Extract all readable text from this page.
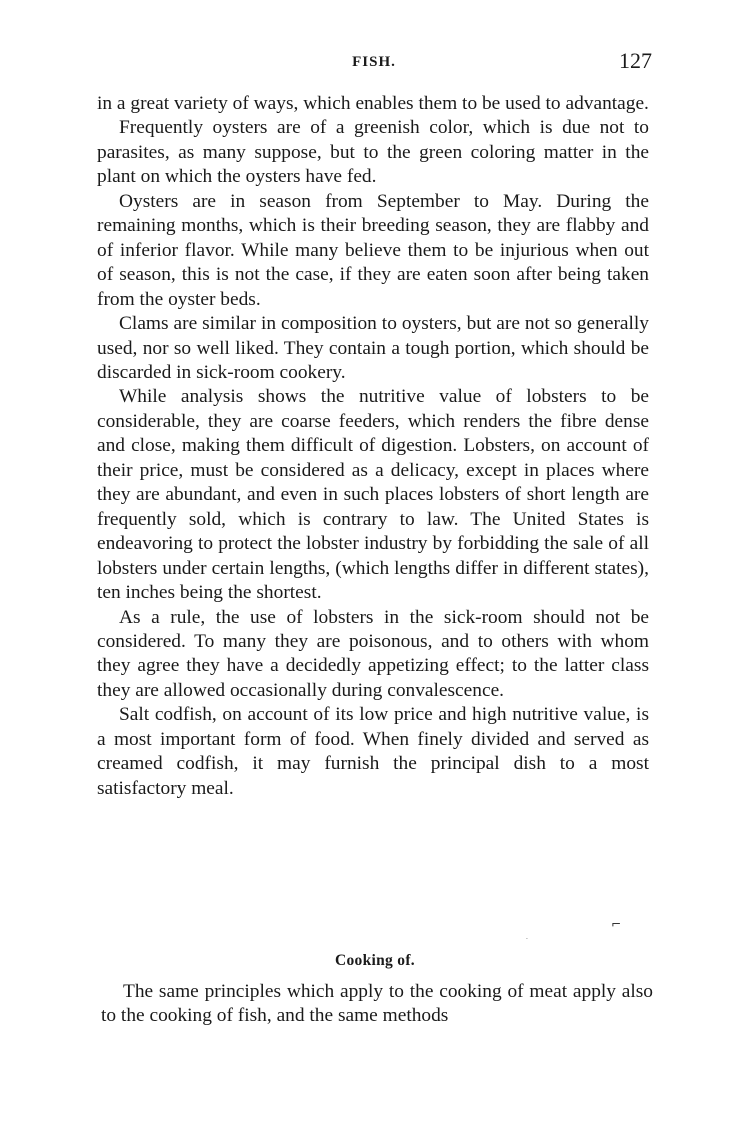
FISH.	127

in a great variety of ways, which enables them to be used to advantage.

Frequently oysters are of a greenish color, which is due not to parasites, as many suppose, but to the green coloring matter in the plant on which the oysters have fed.

Oysters are in season from September to May. During the remaining months, which is their breeding season, they are flabby and of inferior flavor. While many believe them to be injurious when out of season, this is not the case, if they are eaten soon after being taken from the oyster beds.

Clams are similar in composition to oysters, but are not so generally used, nor so well liked. They contain a tough portion, which should be discarded in sick-room cookery.

While analysis shows the nutritive value of lobsters to be considerable, they are coarse feeders, which renders the fibre dense and close, making them difficult of digestion. Lobsters, on account of their price, must be considered as a delicacy, except in places where they are abundant, and even in such places lobsters of short length are frequently sold, which is contrary to law. The United States is endeavoring to protect the lobster industry by forbidding the sale of all lobsters under certain lengths, (which lengths differ in different states), ten inches being the shortest.

As a rule, the use of lobsters in the sick-room should not be considered. To many they are poisonous, and to others with whom they agree they have a decidedly appetizing effect; to the latter class they are allowed occasionally during convalescence.

Salt codfish, on account of its low price and high nutritive value, is a most important form of food. When finely divided and served as creamed codfish, it may furnish the principal dish to a most satisfactory meal.

⌐
·
Cooking of.

The same principles which apply to the cooking of meat apply also to the cooking of fish, and the same methods
